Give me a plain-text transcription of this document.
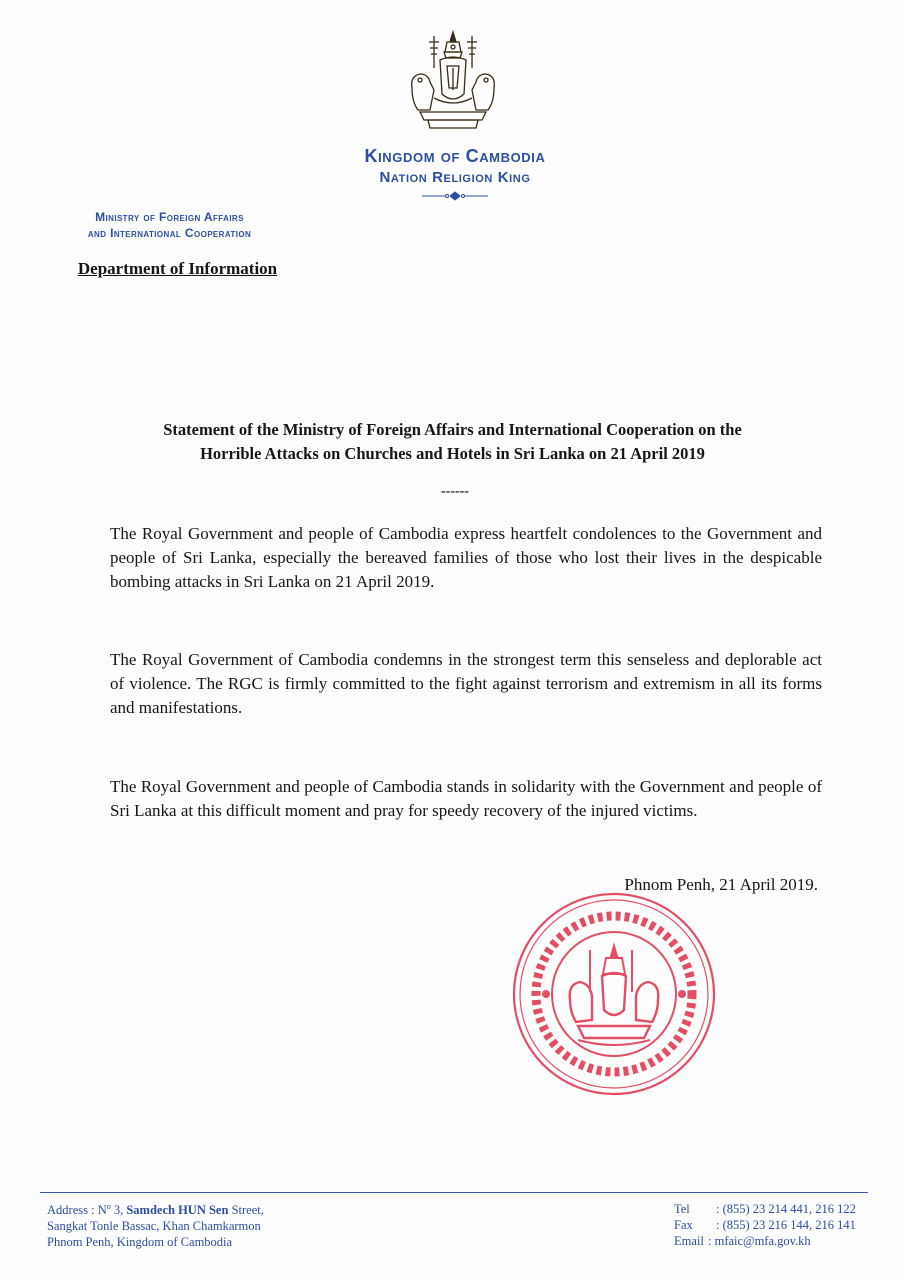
Kingdom of Cambodia
Nation Religion King
Ministry of Foreign Affairs
and International Cooperation
Department of Information
Statement of the Ministry of Foreign Affairs and International Cooperation on the
Horrible Attacks on Churches and Hotels in Sri Lanka on 21 April 2019
------

The Royal Government and people of Cambodia express heartfelt condolences to the Government and people of Sri Lanka, especially the bereaved families of those who lost their lives in the despicable bombing attacks in Sri Lanka on 21 April 2019.

The Royal Government of Cambodia condemns in the strongest term this senseless and deplorable act of violence. The RGC is firmly committed to the fight against terrorism and extremism in all its forms and manifestations.

The Royal Government and people of Cambodia stands in solidarity with the Government and people of Sri Lanka at this difficult moment and pray for speedy recovery of the injured victims.

Phnom Penh, 21 April 2019.
Address : $N^o$ 3, Samdech HUN Sen Street,
Sangkat Tonle Bassac, Khan Chamkarmon
Phnom Penh, Kingdom of Cambodia
Tel : (855) 23 214 441, 216 122
Fax : (855) 23 216 144, 216 141
Email : mfaic@mfa.gov.kh
